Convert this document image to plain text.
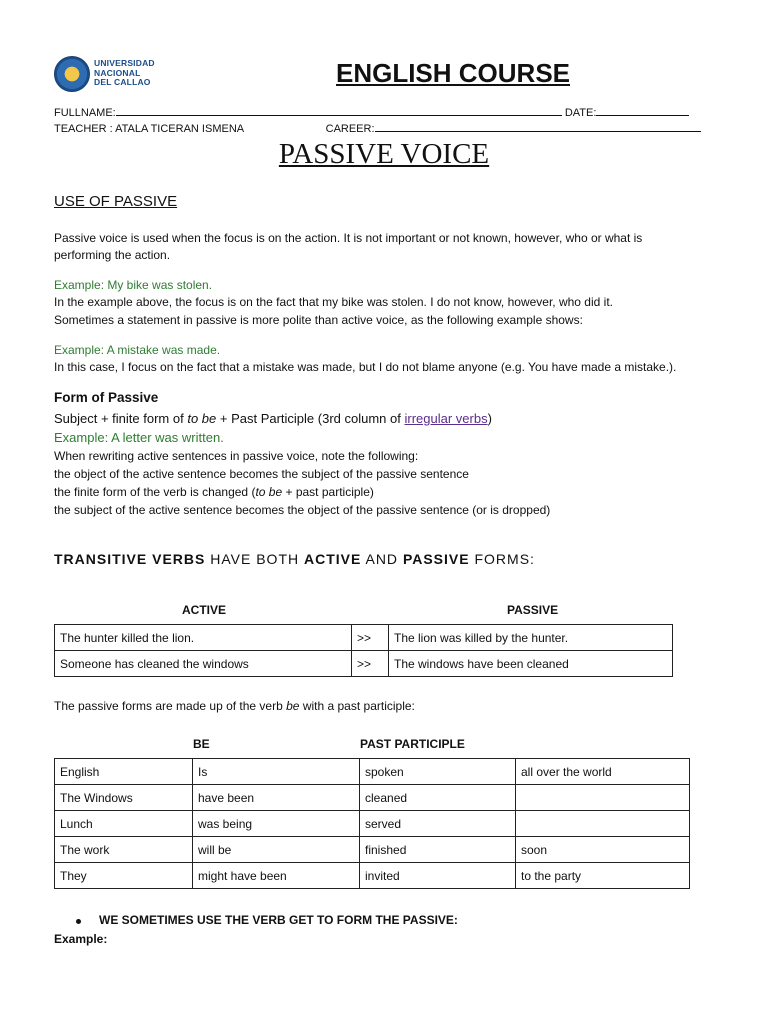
UNIVERSIDAD
NACIONAL
DEL CALLAO	ENGLISH COURSE
FULLNAME:	DATE:
TEACHER : ATALA TICERAN ISMENA	CAREER:
PASSIVE VOICE
USE OF PASSIVE
Passive voice is used when the focus is on the action. It is not important or not known, however, who or what is performing the action.
Example: My bike was stolen.
In the example above, the focus is on the fact that my bike was stolen. I do not know, however, who did it.
Sometimes a statement in passive is more polite than active voice, as the following example shows:
Example: A mistake was made.
In this case, I focus on the fact that a mistake was made, but I do not blame anyone (e.g. You have made a mistake.).
Form of Passive
Subject + finite form of to be + Past Participle (3rd column of irregular verbs)
Example: A letter was written.
When rewriting active sentences in passive voice, note the following:
the object of the active sentence becomes the subject of the passive sentence
the finite form of the verb is changed (to be + past participle)
the subject of the active sentence becomes the object of the passive sentence (or is dropped)
TRANSITIVE VERBS HAVE BOTH ACTIVE AND PASSIVE FORMS:
ACTIVE	PASSIVE
The hunter killed the lion.	>>	The lion was killed by the hunter.
Someone has cleaned the windows	>>	The windows have been cleaned
The passive forms are made up of the verb be with a past participle:
BE	PAST PARTICIPLE
English	Is	spoken	all over the world
The Windows	have been	cleaned	
Lunch	was being	served	
The work	will be	finished	soon
They	might have been	invited	to the party
WE SOMETIMES USE THE VERB GET TO FORM THE PASSIVE:
Example:
